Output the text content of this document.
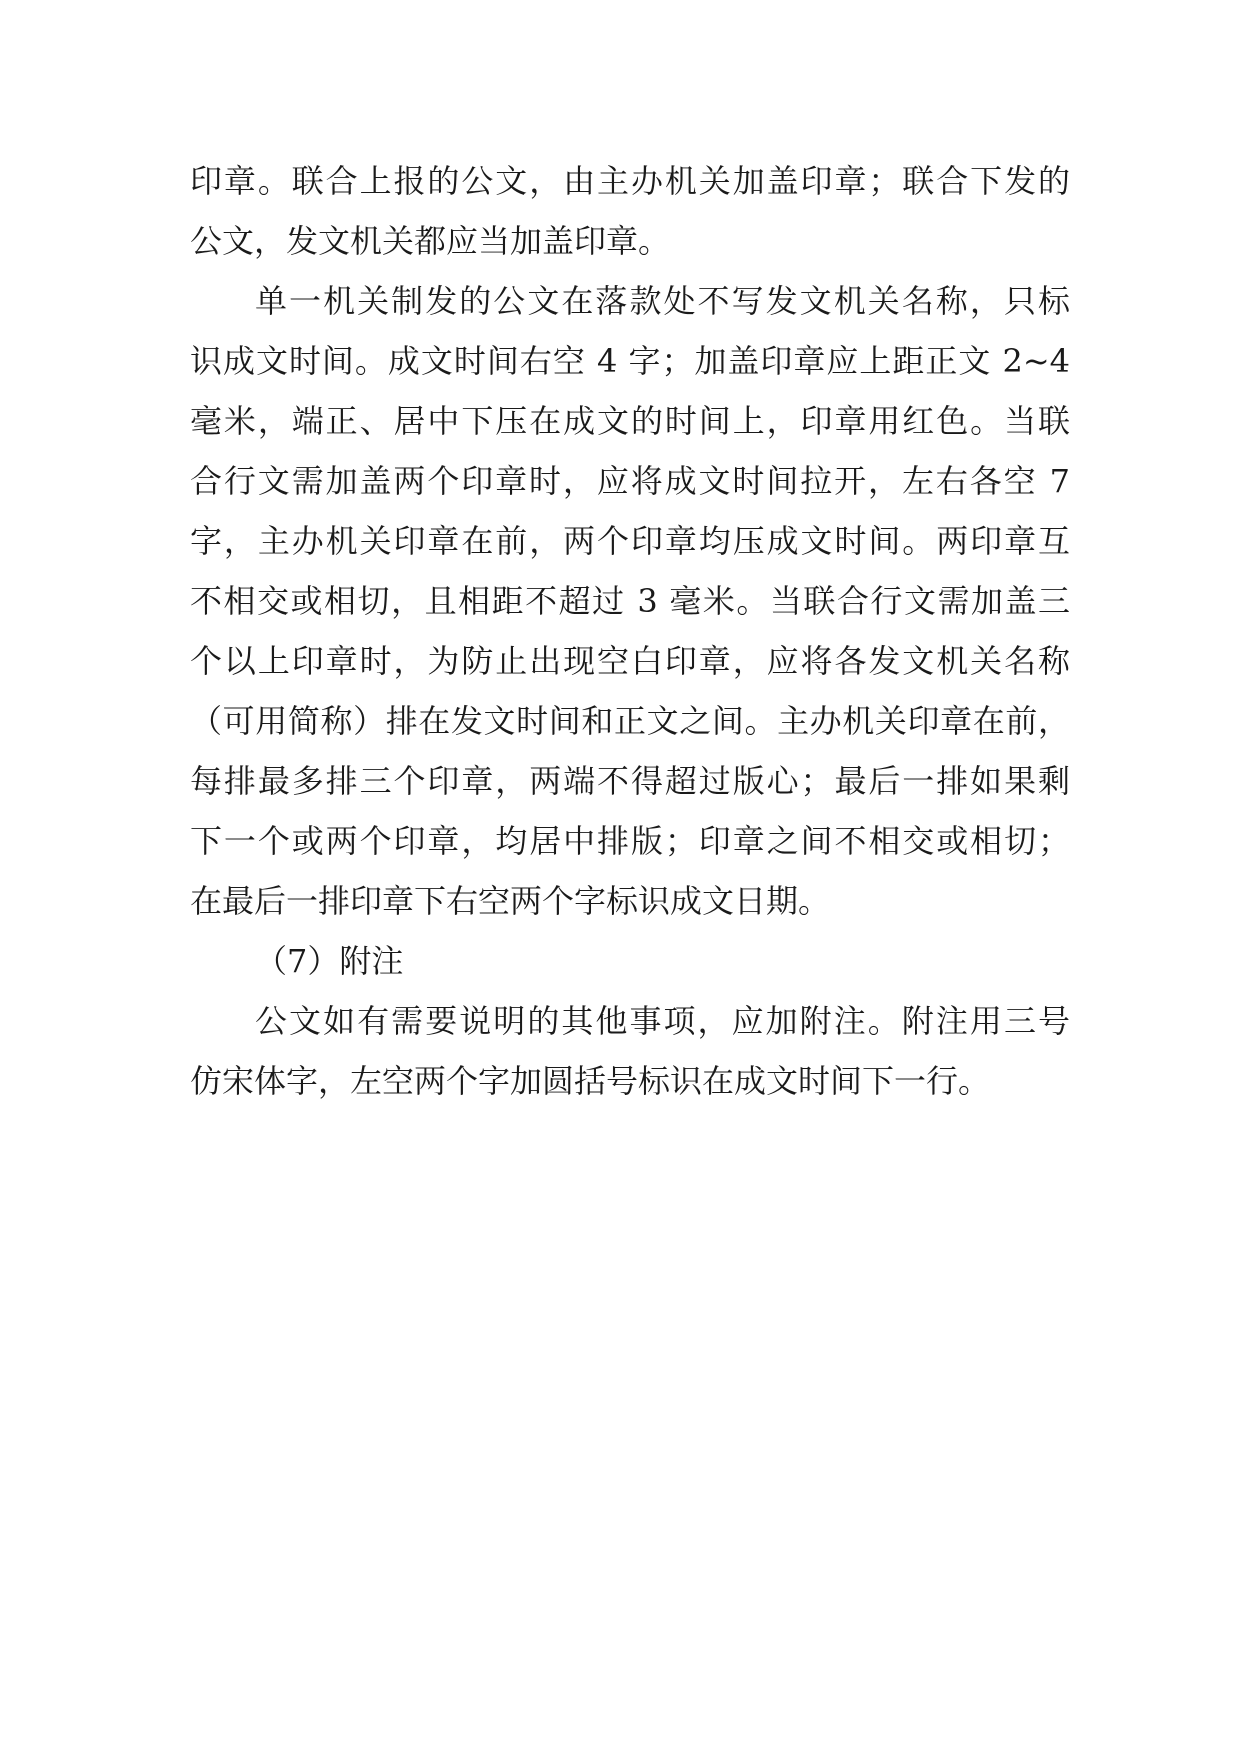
印章。联合上报的公文，由主办机关加盖印章；联合下发的
公文，发文机关都应当加盖印章。
单一机关制发的公文在落款处不写发文机关名称，只标
识成文时间。成文时间右空 4 字；加盖印章应上距正文 2~4
毫米，端正、居中下压在成文的时间上，印章用红色。当联
合行文需加盖两个印章时，应将成文时间拉开，左右各空 7
字，主办机关印章在前，两个印章均压成文时间。两印章互
不相交或相切，且相距不超过 3 毫米。当联合行文需加盖三
个以上印章时，为防止出现空白印章，应将各发文机关名称
（可用简称）排在发文时间和正文之间。主办机关印章在前，
每排最多排三个印章，两端不得超过版心；最后一排如果剩
下一个或两个印章，均居中排版；印章之间不相交或相切；
在最后一排印章下右空两个字标识成文日期。
（7）附注
公文如有需要说明的其他事项，应加附注。附注用三号
仿宋体字，左空两个字加圆括号标识在成文时间下一行。
